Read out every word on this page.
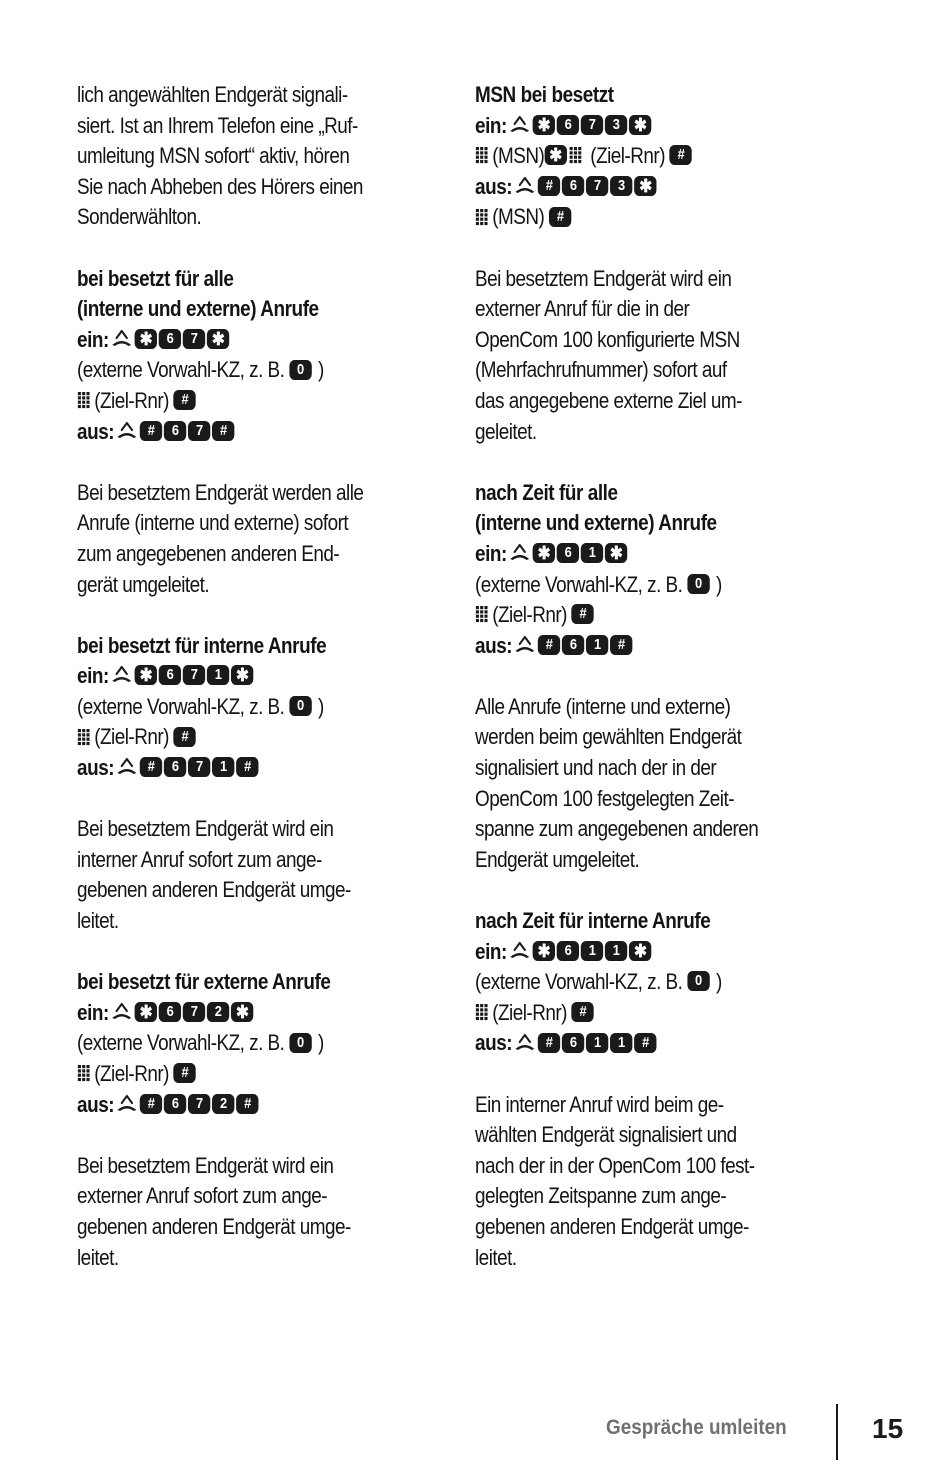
lich angewählten Endgerät signali-
siert. Ist an Ihrem Telefon eine „Ruf-
umleitung MSN sofort“ aktiv, hören
Sie nach Abheben des Hörers einen
Sonderwählton.
bei besetzt für alle
(interne und externe) Anrufe
ein: ✱ 6 7 ✱
(externe Vorwahl-KZ, z. B. 0 )
(Ziel-Rnr) #
aus: # 6 7 #
Bei besetztem Endgerät werden alle
Anrufe (interne und externe) sofort
zum angegebenen anderen End-
gerät umgeleitet.
bei besetzt für interne Anrufe
ein: ✱ 6 7 1 ✱
(externe Vorwahl-KZ, z. B. 0 )
(Ziel-Rnr) #
aus: # 6 7 1 #
Bei besetztem Endgerät wird ein
interner Anruf sofort zum ange-
gebenen anderen Endgerät umge-
leitet.
bei besetzt für externe Anrufe
ein: ✱ 6 7 2 ✱
(externe Vorwahl-KZ, z. B. 0 )
(Ziel-Rnr) #
aus: # 6 7 2 #
Bei besetztem Endgerät wird ein
externer Anruf sofort zum ange-
gebenen anderen Endgerät umge-
leitet.
MSN bei besetzt
ein: ✱ 6 7 3 ✱
(MSN) ✱ (Ziel-Rnr) #
aus: # 6 7 3 ✱
(MSN) #
Bei besetztem Endgerät wird ein
externer Anruf für die in der
OpenCom 100 konfigurierte MSN
(Mehrfachrufnummer) sofort auf
das angegebene externe Ziel um-
geleitet.
nach Zeit für alle
(interne und externe) Anrufe
ein: ✱ 6 1 ✱
(externe Vorwahl-KZ, z. B. 0 )
(Ziel-Rnr) #
aus: # 6 1 #
Alle Anrufe (interne und externe)
werden beim gewählten Endgerät
signalisiert und nach der in der
OpenCom 100 festgelegten Zeit-
spanne zum angegebenen anderen
Endgerät umgeleitet.
nach Zeit für interne Anrufe
ein: ✱ 6 1 1 ✱
(externe Vorwahl-KZ, z. B. 0 )
(Ziel-Rnr) #
aus: # 6 1 1 #
Ein interner Anruf wird beim ge-
wählten Endgerät signalisiert und
nach der in der OpenCom 100 fest-
gelegten Zeitspanne zum ange-
gebenen anderen Endgerät umge-
leitet.
Gespräche umleiten	15
